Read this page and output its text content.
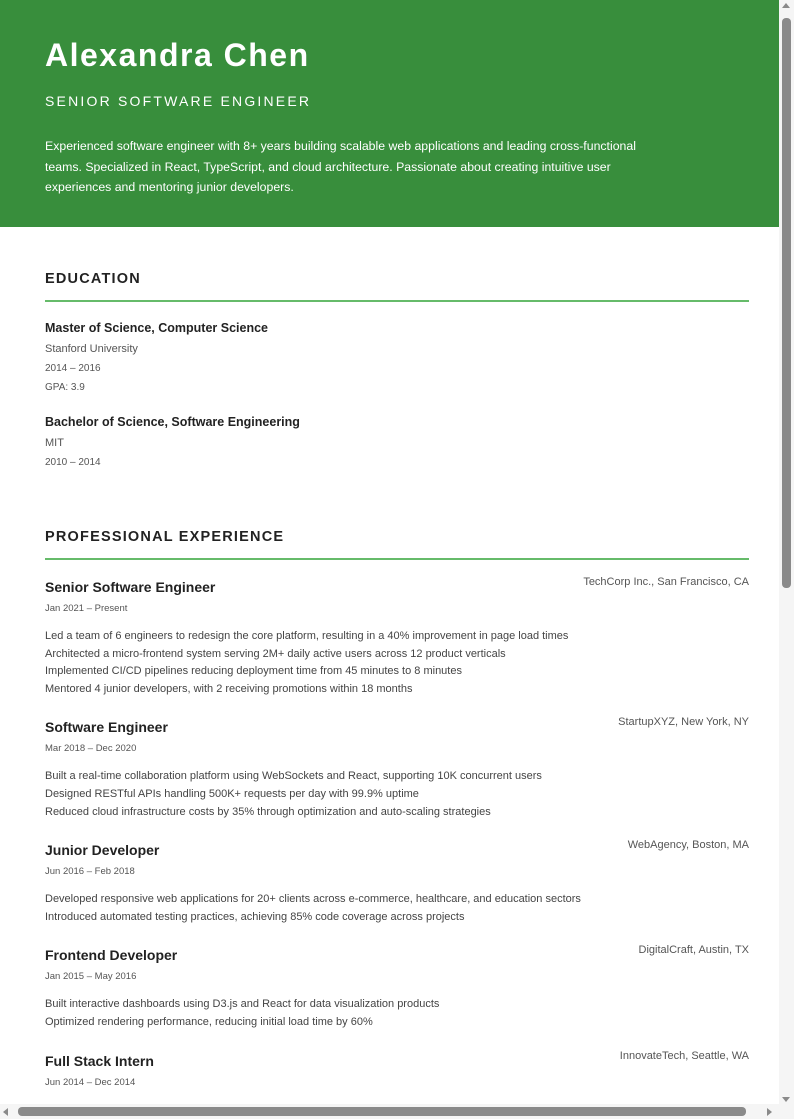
Alexandra Chen
SENIOR SOFTWARE ENGINEER

Experienced software engineer with 8+ years building scalable web applications and leading cross-functional teams. Specialized in React, TypeScript, and cloud architecture. Passionate about creating intuitive user experiences and mentoring junior developers.

EDUCATION
Master of Science, Computer Science
Stanford University
2014 – 2016
GPA: 3.9
Bachelor of Science, Software Engineering
MIT
2010 – 2014
PROFESSIONAL EXPERIENCE
Senior Software Engineer	TechCorp Inc., San Francisco, CA
Jan 2021 – Present
Led a team of 6 engineers to redesign the core platform, resulting in a 40% improvement in page load times
Architected a micro-frontend system serving 2M+ daily active users across 12 product verticals
Implemented CI/CD pipelines reducing deployment time from 45 minutes to 8 minutes
Mentored 4 junior developers, with 2 receiving promotions within 18 months
Software Engineer	StartupXYZ, New York, NY
Mar 2018 – Dec 2020
Built a real-time collaboration platform using WebSockets and React, supporting 10K concurrent users
Designed RESTful APIs handling 500K+ requests per day with 99.9% uptime
Reduced cloud infrastructure costs by 35% through optimization and auto-scaling strategies
Junior Developer	WebAgency, Boston, MA
Jun 2016 – Feb 2018
Developed responsive web applications for 20+ clients across e-commerce, healthcare, and education sectors
Introduced automated testing practices, achieving 85% code coverage across projects
Frontend Developer	DigitalCraft, Austin, TX
Jan 2015 – May 2016
Built interactive dashboards using D3.js and React for data visualization products
Optimized rendering performance, reducing initial load time by 60%
Full Stack Intern	InnovateTech, Seattle, WA
Jun 2014 – Dec 2014
